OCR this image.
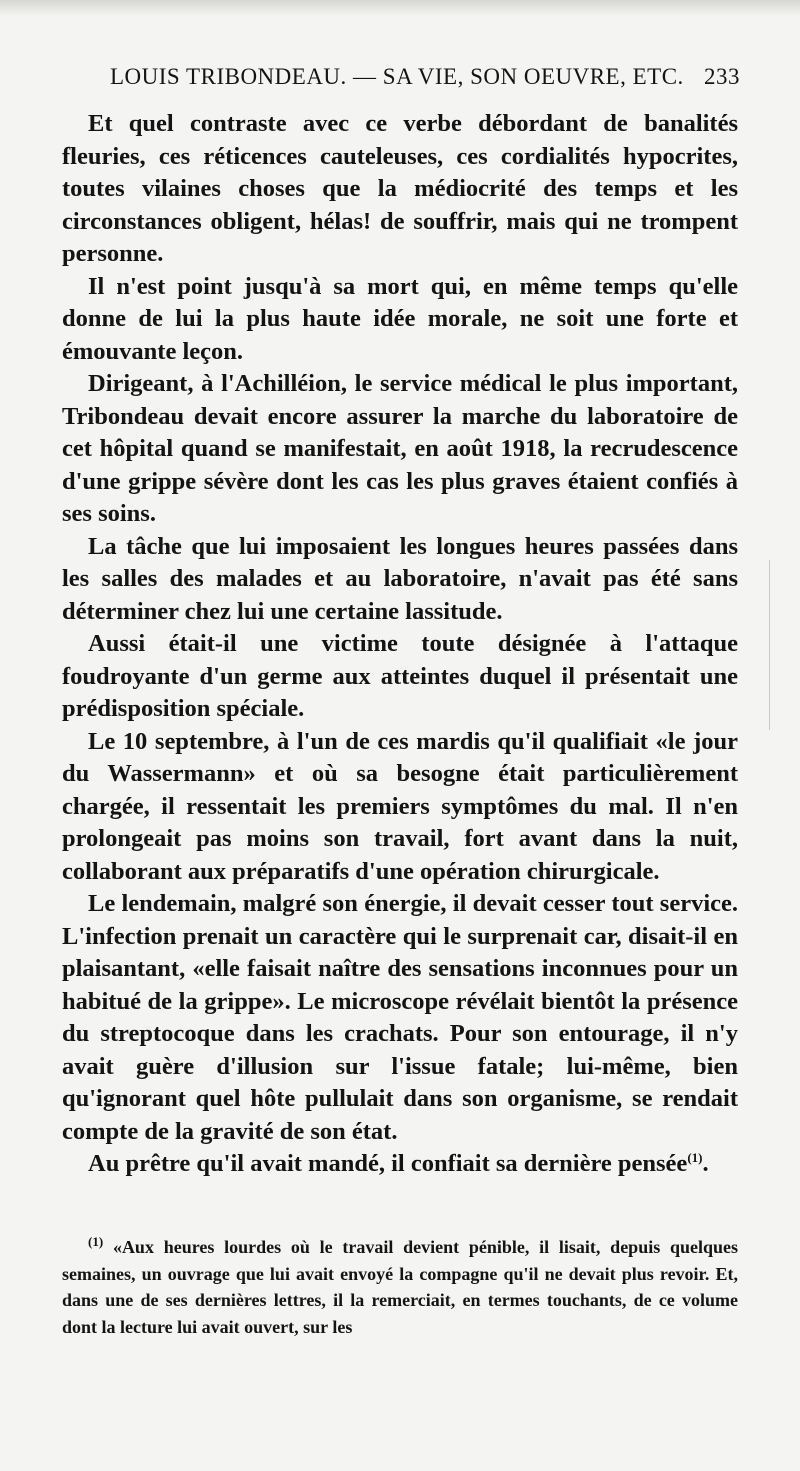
LOUIS TRIBONDEAU. — SA VIE, SON OEUVRE, ETC. 233

Et quel contraste avec ce verbe débordant de banalités fleuries, ces réticences cauteleuses, ces cordialités hypocrites, toutes vilaines choses que la médiocrité des temps et les circonstances obligent, hélas! de souffrir, mais qui ne trompent personne.

Il n'est point jusqu'à sa mort qui, en même temps qu'elle donne de lui la plus haute idée morale, ne soit une forte et émouvante leçon.

Dirigeant, à l'Achilléion, le service médical le plus important, Tribondeau devait encore assurer la marche du laboratoire de cet hôpital quand se manifestait, en août 1918, la recrudescence d'une grippe sévère dont les cas les plus graves étaient confiés à ses soins.

La tâche que lui imposaient les longues heures passées dans les salles des malades et au laboratoire, n'avait pas été sans déterminer chez lui une certaine lassitude.

Aussi était-il une victime toute désignée à l'attaque foudroyante d'un germe aux atteintes duquel il présentait une prédisposition spéciale.

Le 10 septembre, à l'un de ces mardis qu'il qualifiait «le jour du Wassermann» et où sa besogne était particulièrement chargée, il ressentait les premiers symptômes du mal. Il n'en prolongeait pas moins son travail, fort avant dans la nuit, collaborant aux préparatifs d'une opération chirurgicale.

Le lendemain, malgré son énergie, il devait cesser tout service. L'infection prenait un caractère qui le surprenait car, disait-il en plaisantant, «elle faisait naître des sensations inconnues pour un habitué de la grippe». Le microscope révélait bientôt la présence du streptocoque dans les crachats. Pour son entourage, il n'y avait guère d'illusion sur l'issue fatale; lui-même, bien qu'ignorant quel hôte pullulait dans son organisme, se rendait compte de la gravité de son état.

Au prêtre qu'il avait mandé, il confiait sa dernière pensée$^{(1)}$.

$^{(1)}$ «Aux heures lourdes où le travail devient pénible, il lisait, depuis quelques semaines, un ouvrage que lui avait envoyé la compagne qu'il ne devait plus revoir. Et, dans une de ses dernières lettres, il la remerciait, en termes touchants, de ce volume dont la lecture lui avait ouvert, sur les
